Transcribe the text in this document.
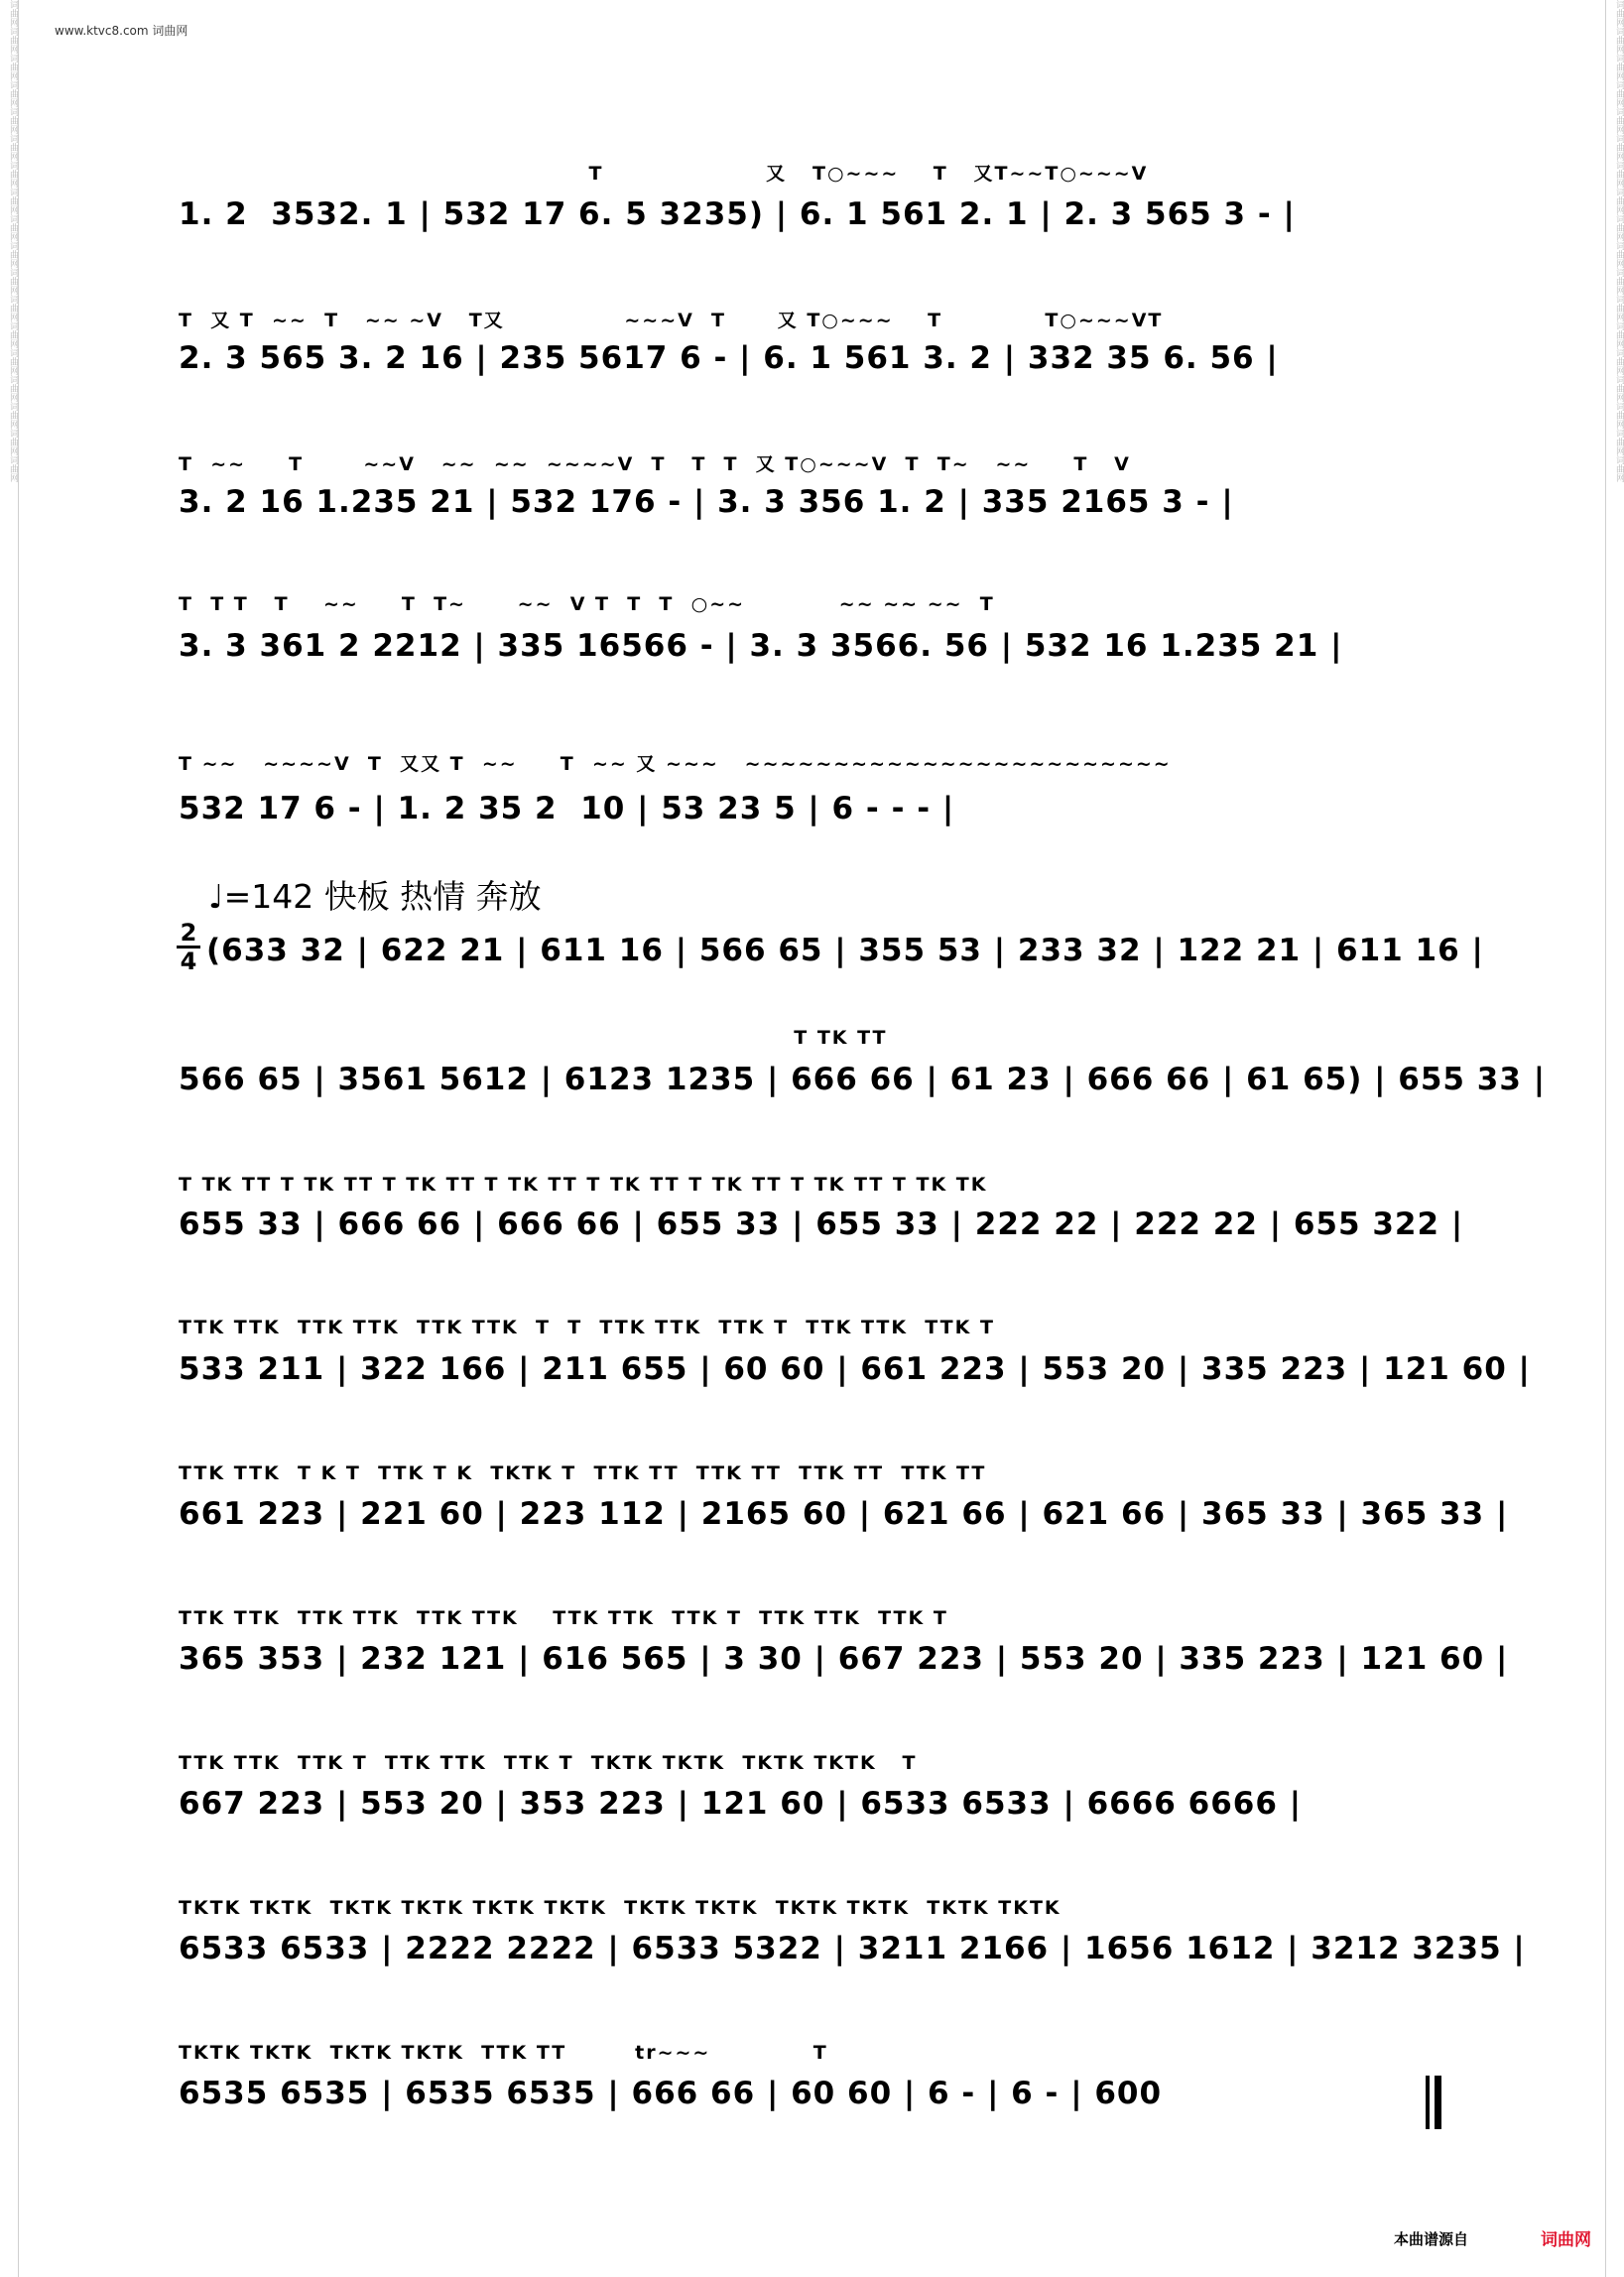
词曲网词曲网词曲网词曲网词曲网词曲网词曲网词曲网词曲网词曲网词曲网词曲网词曲网词曲网词曲网词曲网词曲网词曲网	词曲网词曲网词曲网词曲网词曲网词曲网词曲网词曲网词曲网词曲网词曲网词曲网词曲网词曲网词曲网词曲网词曲网词曲网
www.ktvc8.com 词曲网
T                   又   T○~~~    T   又T~~T○~~~V
1. 2  3532. 1 | 532 17 6. 5 3235) | 6. 1 561 2. 1 | 2. 3 565 3 - |
T  又 T  ~~  T   ~~ ~V   T又              ~~~V  T      又 T○~~~    T            T○~~~VT
2. 3 565 3. 2 16 | 235 5617 6 - | 6. 1 561 3. 2 | 332 35 6. 56 |
T  ~~     T       ~~V   ~~  ~~  ~~~~V  T   T  T  又 T○~~~V  T  T~   ~~     T   V
3. 2 16 1.235 21 | 532 176 - | 3. 3 356 1. 2 | 335 2165 3 - |
T  T T   T    ~~     T  T~      ~~  V T  T  T  ○~~           ~~ ~~ ~~  T
3. 3 361 2 2212 | 335 16566 - | 3. 3 3566. 56 | 532 16 1.235 21 |
T ~~   ~~~~V  T  又又 T  ~~     T  ~~ 又 ~~~   ~~~~~~~~~~~~~~~~~~~~~~~~
532 17 6 - | 1. 2 35 2  10 | 53 23 5 | 6 - - - |
♩=142 快板 热情 奔放
2
4 (633 32 | 622 21 | 611 16 | 566 65 | 355 53 | 233 32 | 122 21 | 611 16 |
T TK TT
566 65 | 3561 5612 | 6123 1235 | 666 66 | 61 23 | 666 66 | 61 65) | 655 33 |
T TK TT T TK TT T TK TT T TK TT T TK TT T TK TT T TK TT T TK TK
655 33 | 666 66 | 666 66 | 655 33 | 655 33 | 222 22 | 222 22 | 655 322 |
TTK TTK  TTK TTK  TTK TTK  T  T  TTK TTK  TTK T  TTK TTK  TTK T
533 211 | 322 166 | 211 655 | 60 60 | 661 223 | 553 20 | 335 223 | 121 60 |
TTK TTK  T K T  TTK T K  TKTK T  TTK TT  TTK TT  TTK TT  TTK TT
661 223 | 221 60 | 223 112 | 2165 60 | 621 66 | 621 66 | 365 33 | 365 33 |
TTK TTK  TTK TTK  TTK TTK    TTK TTK  TTK T  TTK TTK  TTK T
365 353 | 232 121 | 616 565 | 3 30 | 667 223 | 553 20 | 335 223 | 121 60 |
TTK TTK  TTK T  TTK TTK  TTK T  TKTK TKTK  TKTK TKTK   T
667 223 | 553 20 | 353 223 | 121 60 | 6533 6533 | 6666 6666 |
TKTK TKTK  TKTK TKTK TKTK TKTK  TKTK TKTK  TKTK TKTK  TKTK TKTK
6533 6533 | 2222 2222 | 6533 5322 | 3211 2166 | 1656 1612 | 3212 3235 |
TKTK TKTK  TKTK TKTK  TTK TT        tr~~~            T
6535 6535 | 6535 6535 | 666 66 | 60 60 | 6 - | 6 - | 600
本曲谱源自	词曲网
